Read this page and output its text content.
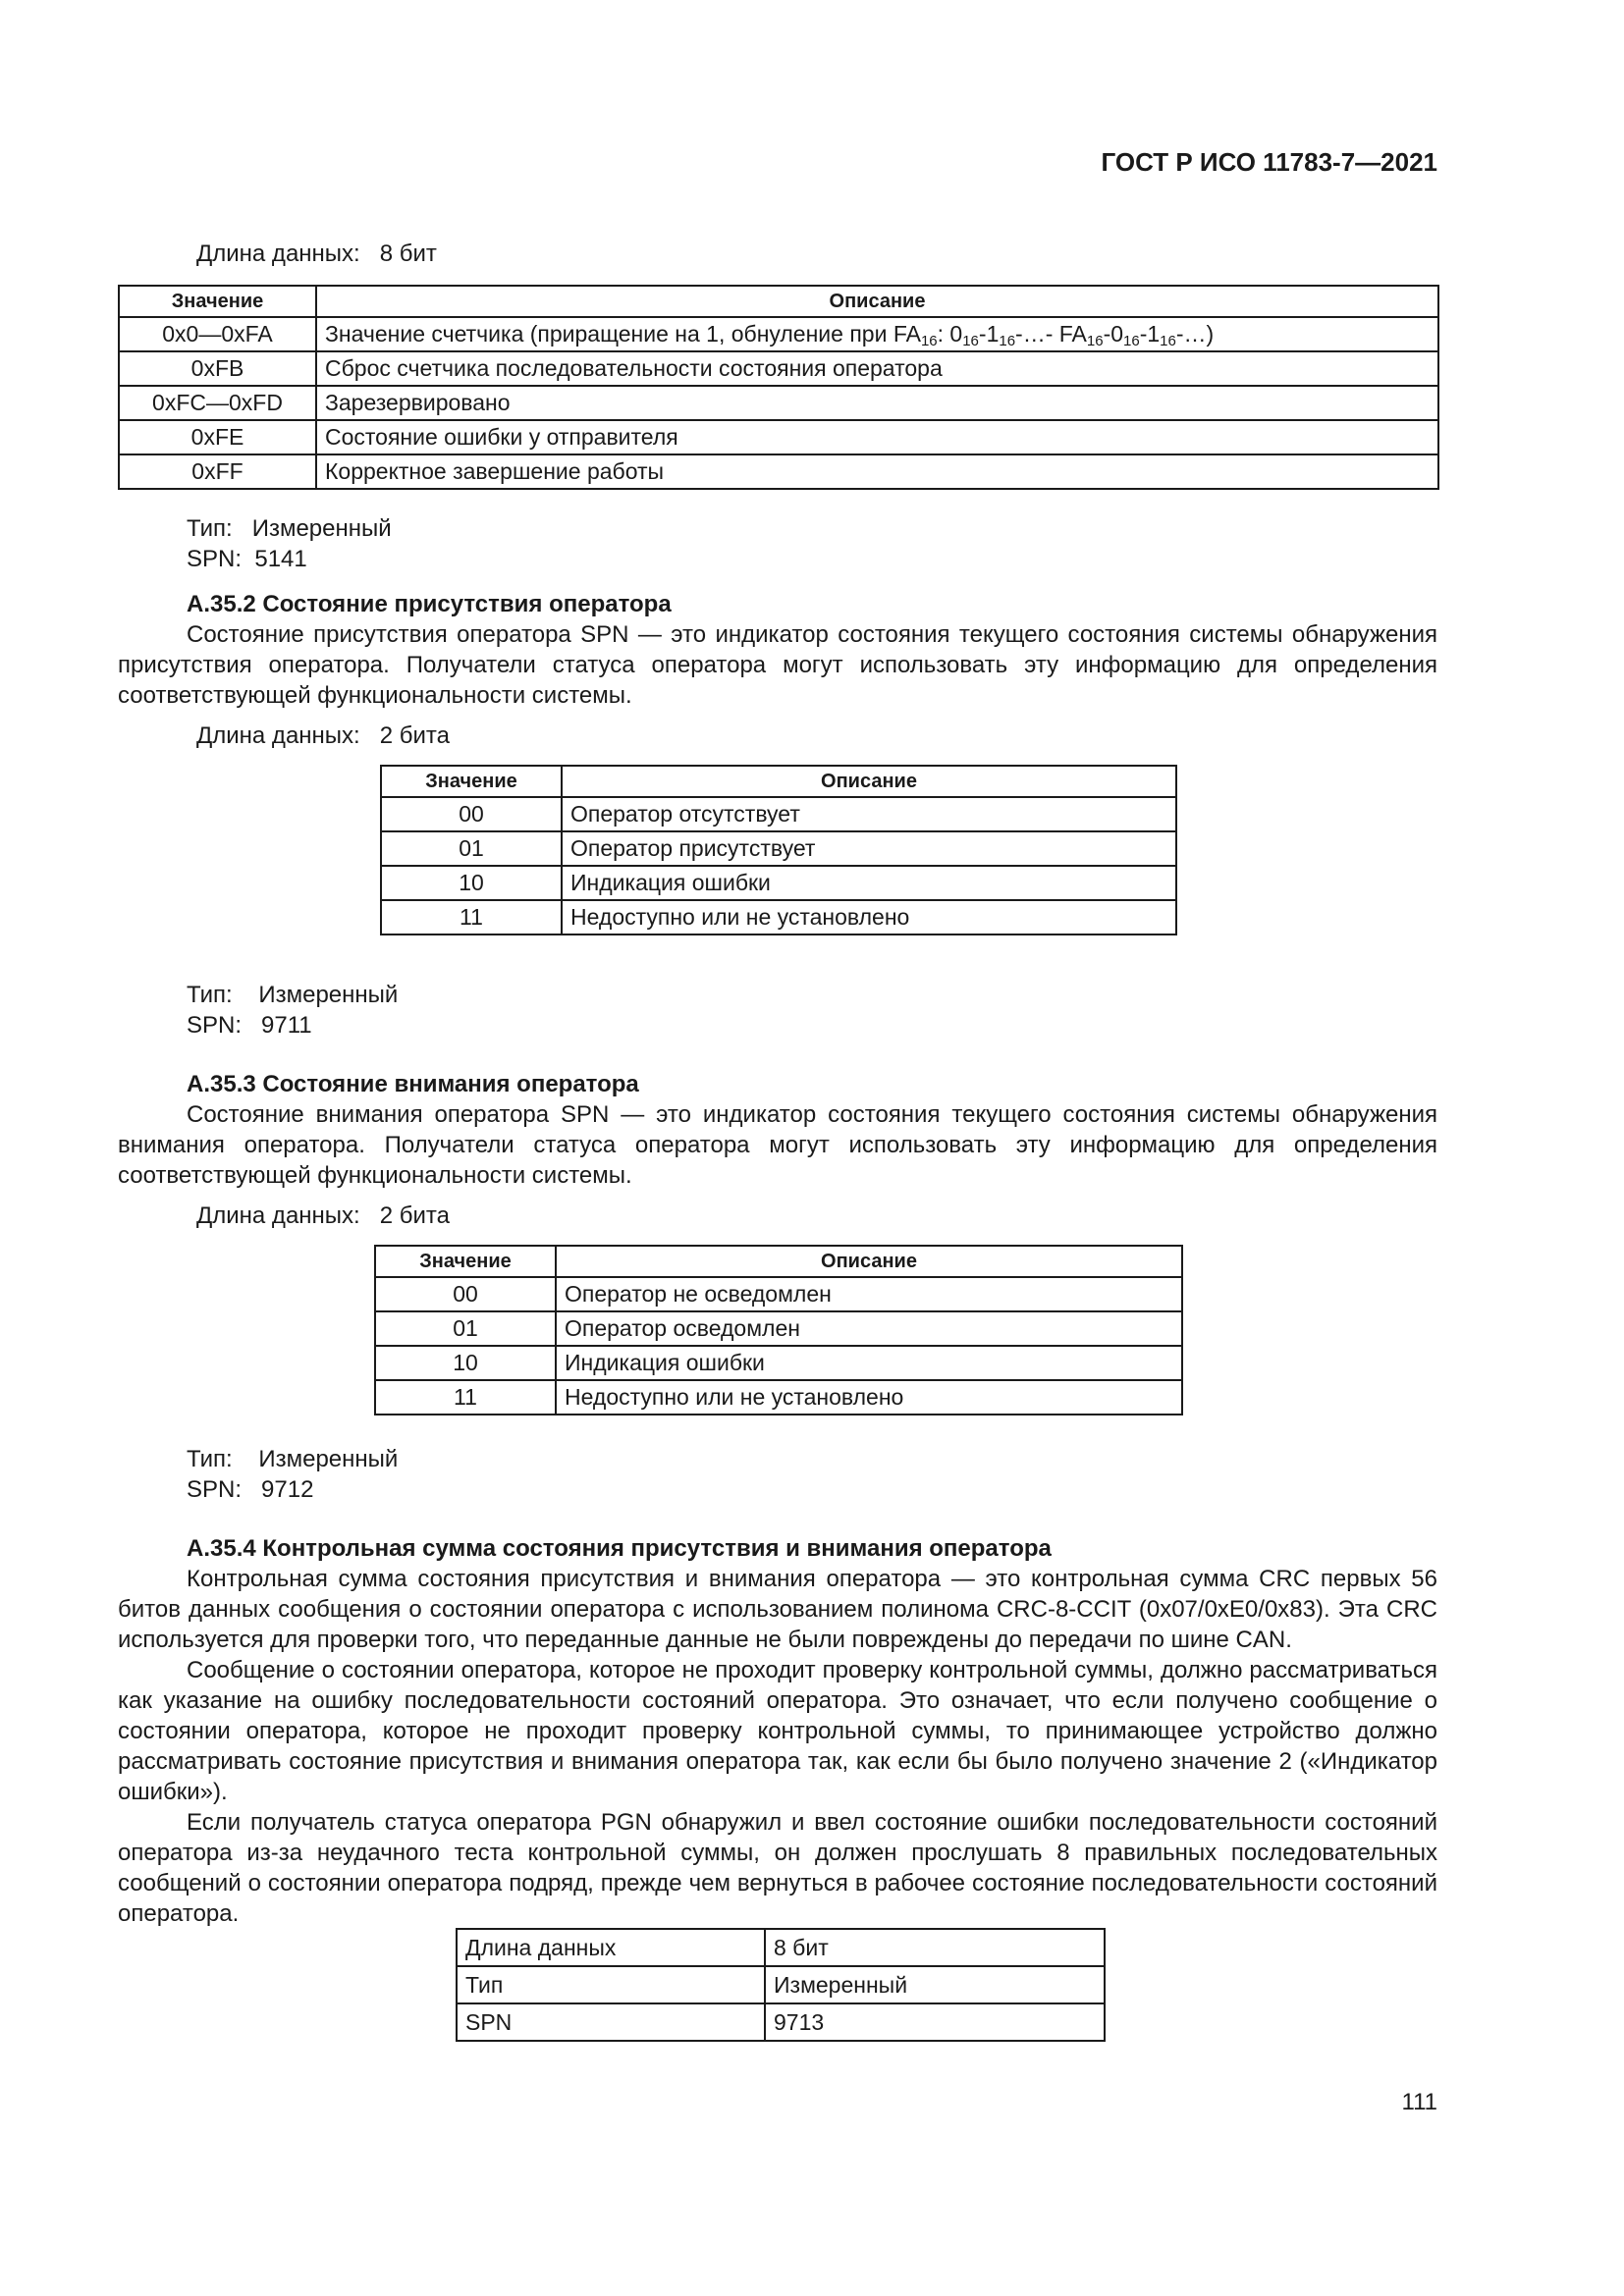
ГОСТ Р ИСО 11783-7—2021
Длина данных: 8 бит
Значение	Описание
0x0—0xFA	Значение счетчика (приращение на 1, обнуление при $FA_{16}$: $0_{16}-1_{16}-\dots-$ $FA_{16}-0_{16}-1_{16}-\dots$)
0xFB	Сброс счетчика последовательности состояния оператора
0xFC—0xFD	Зарезервировано
0xFE	Состояние ошибки у отправителя
0xFF	Корректное завершение работы
Тип: Измеренный
SPN: 5141
A.35.2 Состояние присутствия оператора

Состояние присутствия оператора SPN — это индикатор состояния текущего состояния системы обнаружения присутствия оператора. Получатели статуса оператора могут использовать эту информацию для определения соответствующей функциональности системы.

Длина данных: 2 бита
Значение	Описание
00	Оператор отсутствует
01	Оператор присутствует
10	Индикация ошибки
11	Недоступно или не установлено
Тип: Измеренный
SPN: 9711
A.35.3 Состояние внимания оператора

Состояние внимания оператора SPN — это индикатор состояния текущего состояния системы обнаружения внимания оператора. Получатели статуса оператора могут использовать эту информацию для определения соответствующей функциональности системы.

Длина данных: 2 бита
Значение	Описание
00	Оператор не осведомлен
01	Оператор осведомлен
10	Индикация ошибки
11	Недоступно или не установлено
Тип: Измеренный
SPN: 9712
A.35.4 Контрольная сумма состояния присутствия и внимания оператора

Контрольная сумма состояния присутствия и внимания оператора — это контрольная сумма CRC первых 56 битов данных сообщения о состоянии оператора с использованием полинома CRC-8-CCIT (0x07/0xE0/0x83). Эта CRC используется для проверки того, что переданные данные не были повреждены до передачи по шине CAN.

Сообщение о состоянии оператора, которое не проходит проверку контрольной суммы, должно рассматриваться как указание на ошибку последовательности состояний оператора. Это означает, что если получено сообщение о состоянии оператора, которое не проходит проверку контрольной суммы, то принимающее устройство должно рассматривать состояние присутствия и внимания оператора так, как если бы было получено значение 2 («Индикатор ошибки»).

Если получатель статуса оператора PGN обнаружил и ввел состояние ошибки последовательности состояний оператора из-за неудачного теста контрольной суммы, он должен прослушать 8 правильных последовательных сообщений о состоянии оператора подряд, прежде чем вернуться в рабочее состояние последовательности состояний оператора.

Длина данных	8 бит
Тип	Измеренный
SPN	9713
111
